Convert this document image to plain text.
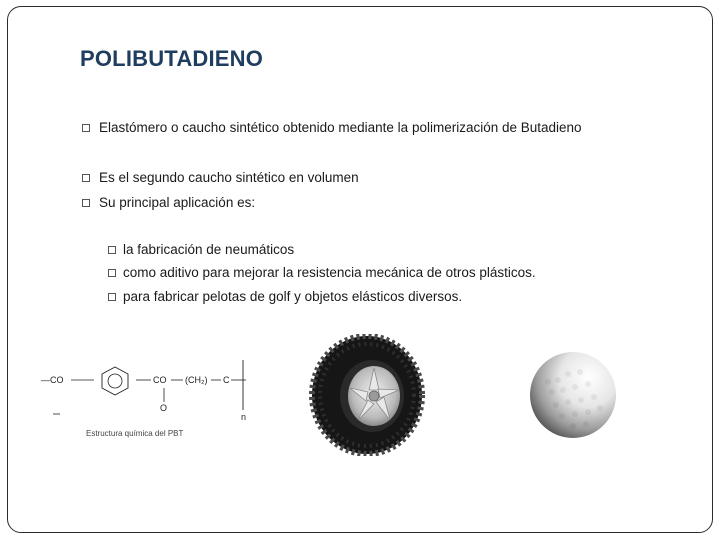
POLIBUTADIENO
Elastómero o caucho sintético obtenido mediante la polimerización de Butadieno
Es el segundo caucho sintético en volumen
Su principal aplicación es:
la fabricación de neumáticos
como aditivo para mejorar la resistencia mecánica de otros plásticos.
para fabricar pelotas de golf y objetos elásticos diversos.
—CO	CO
O
(CH₂) C
n
Estructura química del PBT
